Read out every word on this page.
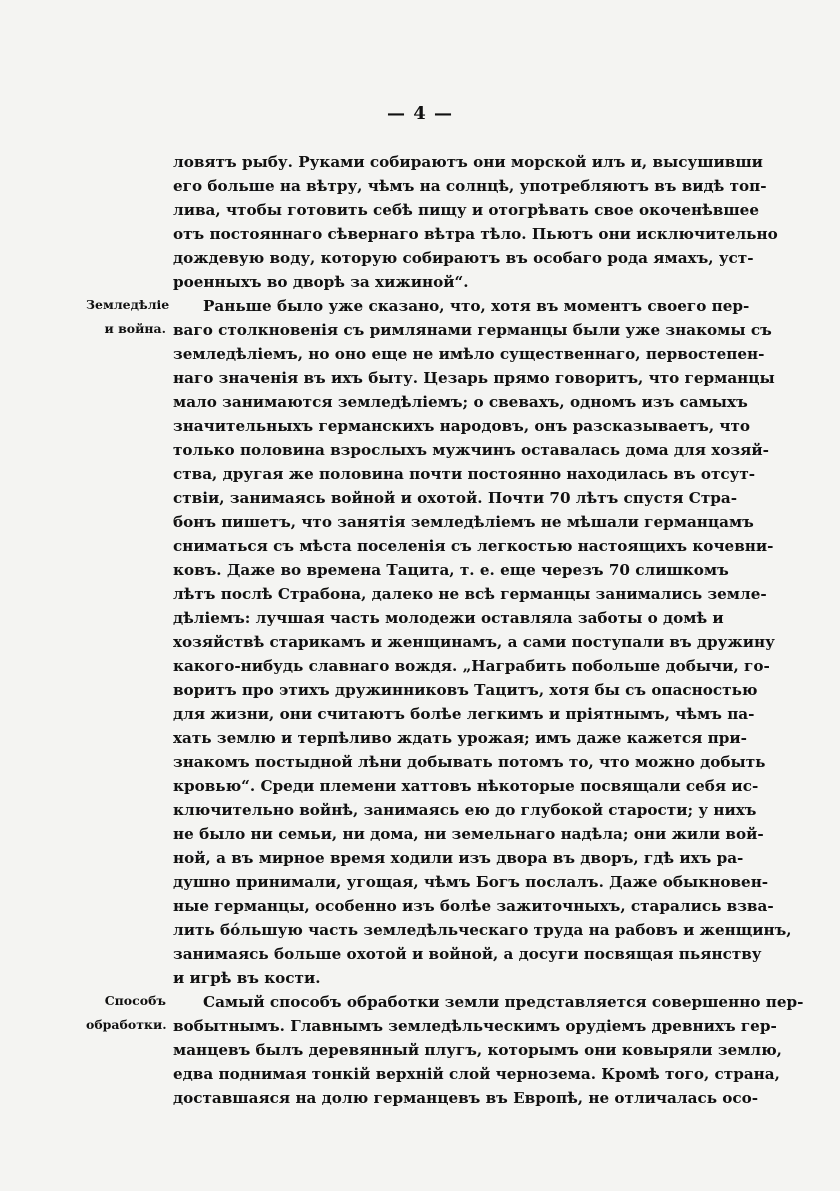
— 4 —
Земледѣліе
и война.
Способъ
обработки.
ловятъ рыбу. Руками собираютъ они морской илъ и, высушивши
его больше на вѣтру, чѣмъ на солнцѣ, употребляютъ въ видѣ топ-
лива, чтобы готовить себѣ пищу и отогрѣвать свое окоченѣвшее
отъ постояннаго сѣвернаго вѣтра тѣло. Пьютъ они исключительно
дождевую воду, которую собираютъ въ особаго рода ямахъ, уст-
роенныхъ во дворѣ за хижиной“.
Раньше было уже сказано, что, хотя въ моментъ своего пер-
ваго столкновенія съ римлянами германцы были уже знакомы съ
земледѣліемъ, но оно еще не имѣло существеннаго, первостепен-
наго значенія въ ихъ быту. Цезарь прямо говоритъ, что германцы
мало занимаются земледѣліемъ; о свевахъ, одномъ изъ самыхъ
значительныхъ германскихъ народовъ, онъ разсказываетъ, что
только половина взрослыхъ мужчинъ оставалась дома для хозяй-
ства, другая же половина почти постоянно находилась въ отсут-
ствіи, занимаясь войной и охотой. Почти 70 лѣтъ спустя Стра-
бонъ пишетъ, что занятія земледѣліемъ не мѣшали германцамъ
сниматься съ мѣста поселенія съ легкостью настоящихъ кочевни-
ковъ. Даже во времена Тацита, т. е. еще черезъ 70 слишкомъ
лѣтъ послѣ Страбона, далеко не всѣ германцы занимались земле-
дѣліемъ: лучшая часть молодежи оставляла заботы о домѣ и
хозяйствѣ старикамъ и женщинамъ, а сами поступали въ дружину
какого-нибудь славнаго вождя. „Награбить побольше добычи, го-
воритъ про этихъ дружинниковъ Тацитъ, хотя бы съ опасностью
для жизни, они считаютъ болѣе легкимъ и пріятнымъ, чѣмъ па-
хать землю и терпѣливо ждать урожая; имъ даже кажется при-
знакомъ постыдной лѣни добывать потомъ то, что можно добыть
кровью“. Среди племени хаттовъ нѣкоторые посвящали себя ис-
ключительно войнѣ, занимаясь ею до глубокой старости; у нихъ
не было ни семьи, ни дома, ни земельнаго надѣла; они жили вой-
ной, а въ мирное время ходили изъ двора въ дворъ, гдѣ ихъ ра-
душно принимали, угощая, чѣмъ Богъ послалъ. Даже обыкновен-
ные германцы, особенно изъ болѣе зажиточныхъ, старались взва-
лить бóльшую часть земледѣльческаго труда на рабовъ и женщинъ,
занимаясь больше охотой и войной, а досуги посвящая пьянству
и игрѣ въ кости.
Самый способъ обработки земли представляется совершенно пер-
вобытнымъ. Главнымъ земледѣльческимъ орудіемъ древнихъ гер-
манцевъ былъ деревянный плугъ, которымъ они ковыряли землю,
едва поднимая тонкій верхній слой чернозема. Кромѣ того, страна,
доставшаяся на долю германцевъ въ Европѣ, не отличалась осо-
